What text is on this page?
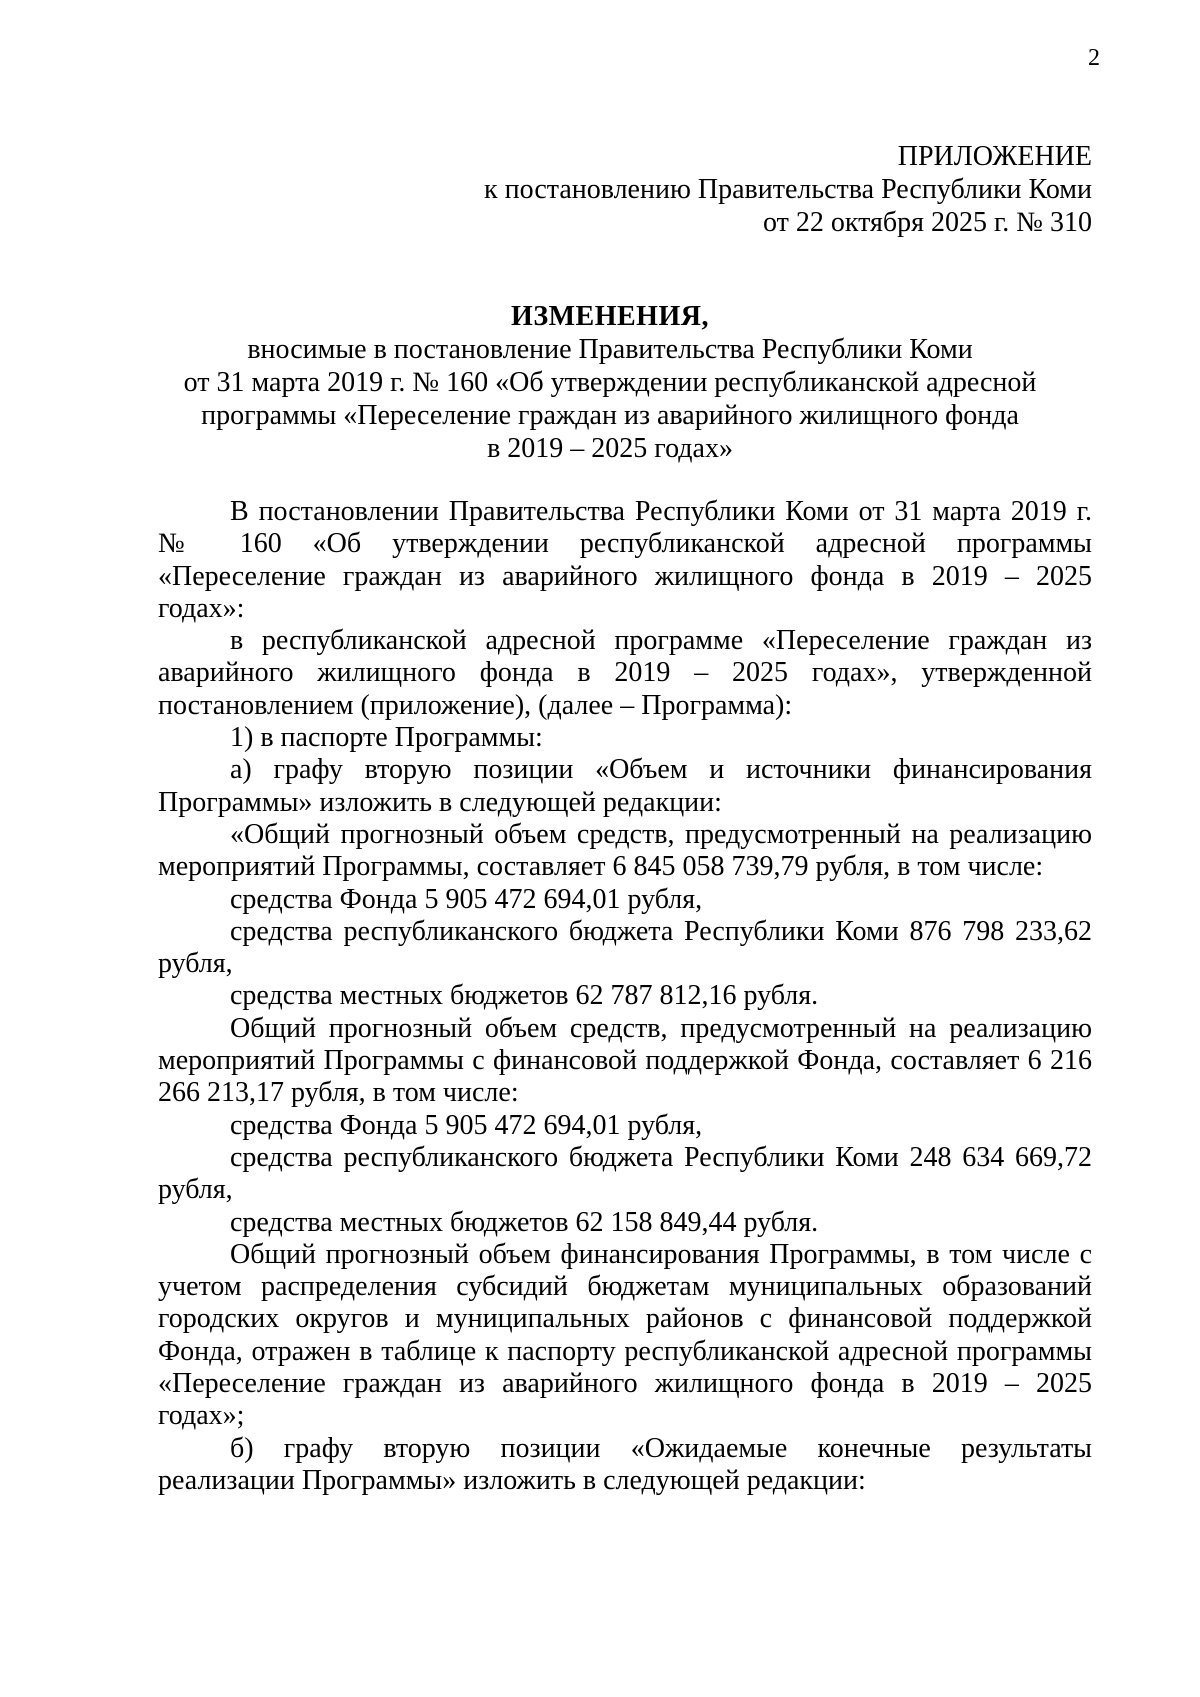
2
ПРИЛОЖЕНИЕ
к постановлению Правительства Республики Коми
от 22 октября 2025 г. № 310
ИЗМЕНЕНИЯ,
вносимые в постановление Правительства Республики Коми
от 31 марта 2019 г. № 160 «Об утверждении республиканской адресной
программы «Переселение граждан из аварийного жилищного фонда
в 2019 – 2025 годах»

В постановлении Правительства Республики Коми от 31 марта 2019 г. № 160 «Об утверждении республиканской адресной программы «Переселение граждан из аварийного жилищного фонда в 2019 – 2025 годах»:

в республиканской адресной программе «Переселение граждан из аварийного жилищного фонда в 2019 – 2025 годах», утвержденной постановлением (приложение), (далее – Программа):

1) в паспорте Программы:

а) графу вторую позиции «Объем и источники финансирования Программы» изложить в следующей редакции:

«Общий прогнозный объем средств, предусмотренный на реализацию мероприятий Программы, составляет 6 845 058 739,79 рубля, в том числе:

средства Фонда 5 905 472 694,01 рубля,

средства республиканского бюджета Республики Коми 876 798 233,62 рубля,

средства местных бюджетов 62 787 812,16 рубля.

Общий прогнозный объем средств, предусмотренный на реализацию мероприятий Программы с финансовой поддержкой Фонда, составляет 6 216 266 213,17 рубля, в том числе:

средства Фонда 5 905 472 694,01 рубля,

средства республиканского бюджета Республики Коми 248 634 669,72 рубля,

средства местных бюджетов 62 158 849,44 рубля.

Общий прогнозный объем финансирования Программы, в том числе с учетом распределения субсидий бюджетам муниципальных образований городских округов и муниципальных районов с финансовой поддержкой Фонда, отражен в таблице к паспорту республиканской адресной программы «Переселение граждан из аварийного жилищного фонда в 2019 – 2025 годах»;

б) графу вторую позиции «Ожидаемые конечные результаты реализации Программы» изложить в следующей редакции:
